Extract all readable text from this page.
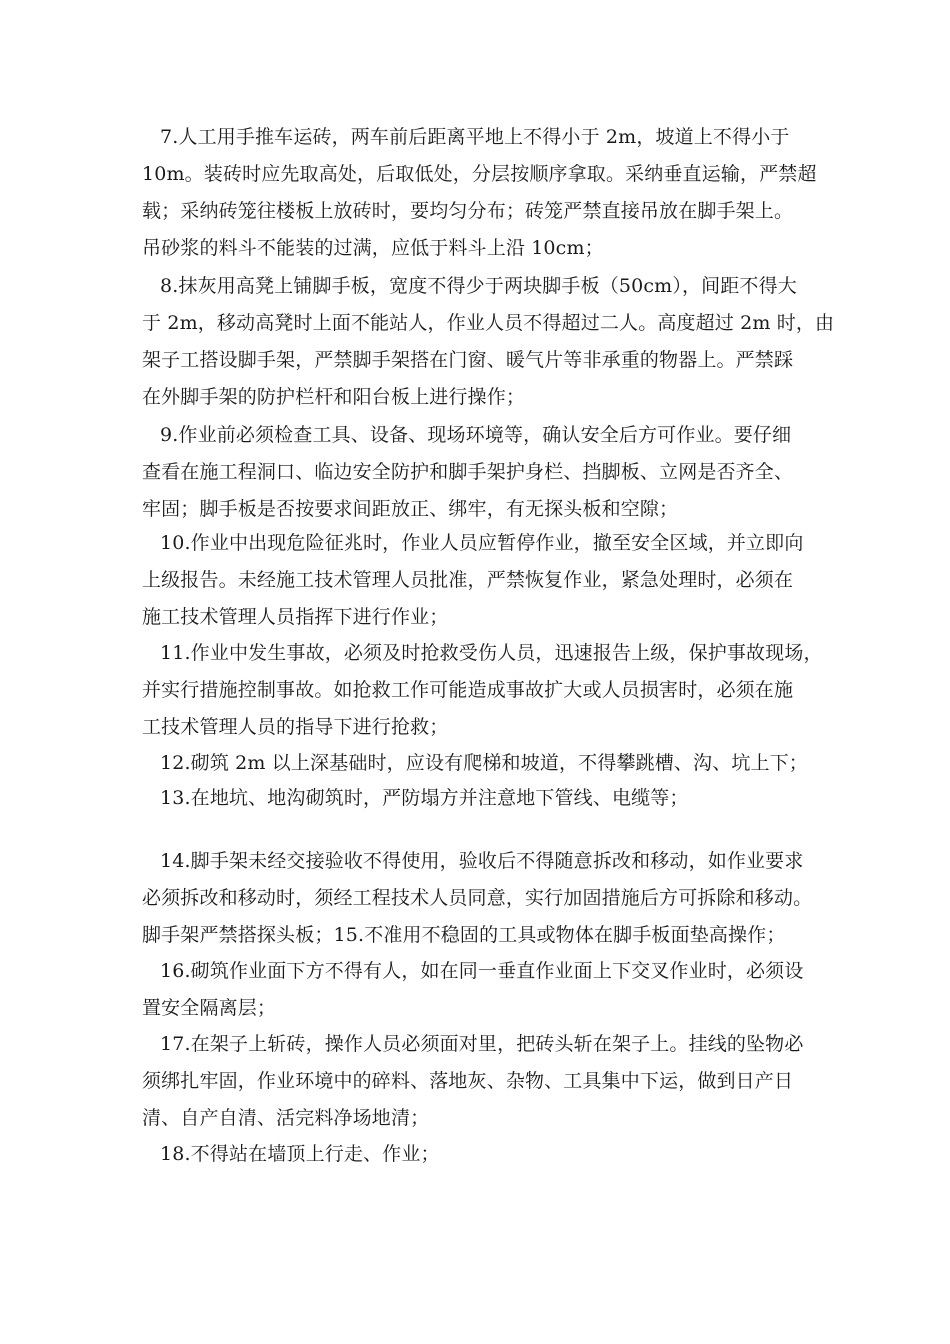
7.人工用手推车运砖，两车前后距离平地上不得小于 2m，坡道上不得小于
10m。装砖时应先取高处，后取低处，分层按顺序拿取。采纳垂直运输，严禁超
载；采纳砖笼往楼板上放砖时，要均匀分布；砖笼严禁直接吊放在脚手架上。
吊砂浆的料斗不能装的过满，应低于料斗上沿 10cm；
8.抹灰用高凳上铺脚手板，宽度不得少于两块脚手板（50cm），间距不得大
于 2m，移动高凳时上面不能站人，作业人员不得超过二人。高度超过 2m 时，由
架子工搭设脚手架，严禁脚手架搭在门窗、暖气片等非承重的物器上。严禁踩
在外脚手架的防护栏杆和阳台板上进行操作；
9.作业前必须检查工具、设备、现场环境等，确认安全后方可作业。要仔细
查看在施工程洞口、临边安全防护和脚手架护身栏、挡脚板、立网是否齐全、
牢固；脚手板是否按要求间距放正、绑牢，有无探头板和空隙；
10.作业中出现危险征兆时，作业人员应暂停作业，撤至安全区域，并立即向
上级报告。未经施工技术管理人员批准，严禁恢复作业，紧急处理时，必须在
施工技术管理人员指挥下进行作业；
11.作业中发生事故，必须及时抢救受伤人员，迅速报告上级，保护事故现场，
并实行措施控制事故。如抢救工作可能造成事故扩大或人员损害时，必须在施
工技术管理人员的指导下进行抢救；
12.砌筑 2m 以上深基础时，应设有爬梯和坡道，不得攀跳槽、沟、坑上下；
13.在地坑、地沟砌筑时，严防塌方并注意地下管线、电缆等；
14.脚手架未经交接验收不得使用，验收后不得随意拆改和移动，如作业要求
必须拆改和移动时，须经工程技术人员同意，实行加固措施后方可拆除和移动。
脚手架严禁搭探头板；15.不准用不稳固的工具或物体在脚手板面垫高操作；
16.砌筑作业面下方不得有人，如在同一垂直作业面上下交叉作业时，必须设
置安全隔离层；
17.在架子上斩砖，操作人员必须面对里，把砖头斩在架子上。挂线的坠物必
须绑扎牢固，作业环境中的碎料、落地灰、杂物、工具集中下运，做到日产日
清、自产自清、活完料净场地清；
18.不得站在墙顶上行走、作业；
